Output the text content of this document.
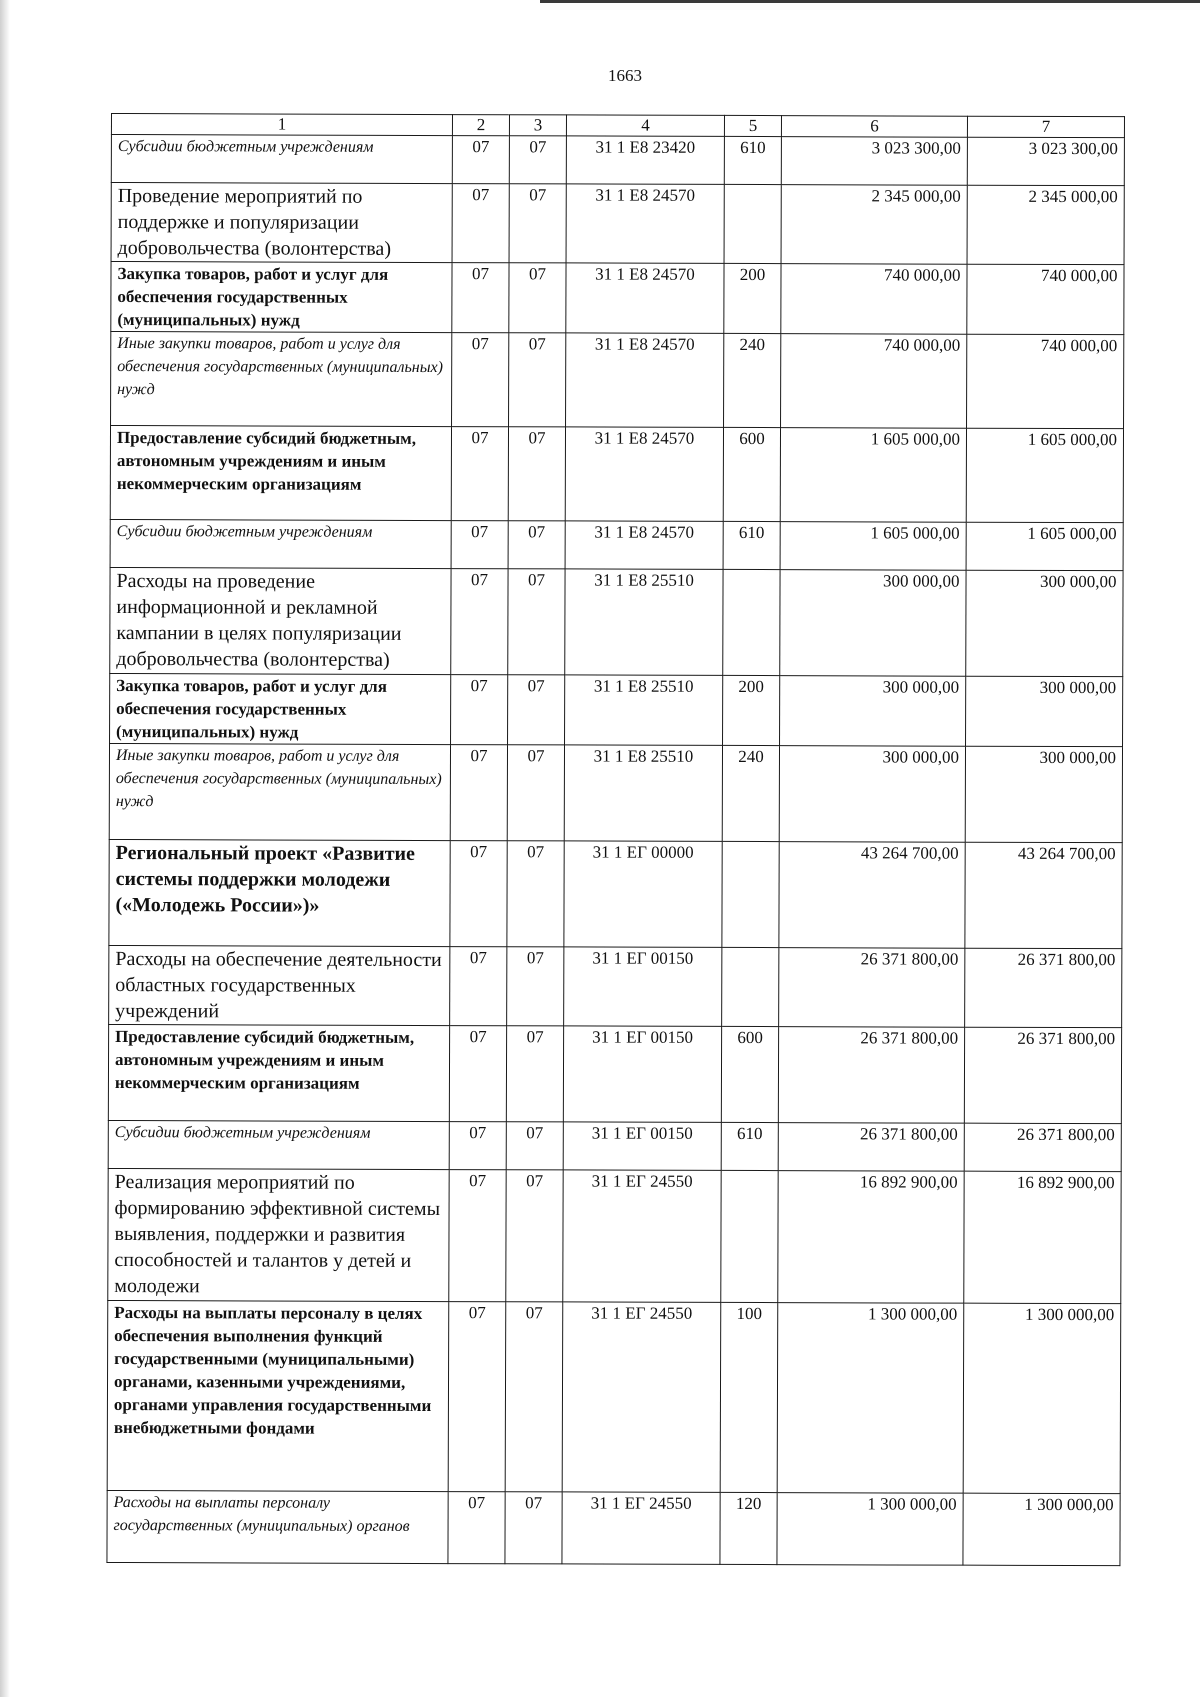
1663
1	2	3	4	5	6	7
Субсидии бюджетным учреждениям	07	07	31 1 Е8 23420	610	3 023 300,00	3 023 300,00
Проведение мероприятий по поддержке и популяризации добровольчества (волонтерства)	07	07	31 1 Е8 24570		2 345 000,00	2 345 000,00
Закупка товаров, работ и услуг для обеспечения государственных (муниципальных) нужд	07	07	31 1 Е8 24570	200	740 000,00	740 000,00
Иные закупки товаров, работ и услуг для обеспечения государственных (муниципальных) нужд	07	07	31 1 Е8 24570	240	740 000,00	740 000,00
Предоставление субсидий бюджетным, автономным учреждениям и иным некоммерческим организациям	07	07	31 1 Е8 24570	600	1 605 000,00	1 605 000,00
Субсидии бюджетным учреждениям	07	07	31 1 Е8 24570	610	1 605 000,00	1 605 000,00
Расходы на проведение информационной и рекламной кампании в целях популяризации добровольчества (волонтерства)	07	07	31 1 Е8 25510		300 000,00	300 000,00
Закупка товаров, работ и услуг для обеспечения государственных (муниципальных) нужд	07	07	31 1 Е8 25510	200	300 000,00	300 000,00
Иные закупки товаров, работ и услуг для обеспечения государственных (муниципальных) нужд	07	07	31 1 Е8 25510	240	300 000,00	300 000,00
Региональный проект «Развитие системы поддержки молодежи («Молодежь России»)»	07	07	31 1 ЕГ 00000		43 264 700,00	43 264 700,00
Расходы на обеспечение деятельности областных государственных учреждений	07	07	31 1 ЕГ 00150		26 371 800,00	26 371 800,00
Предоставление субсидий бюджетным, автономным учреждениям и иным некоммерческим организациям	07	07	31 1 ЕГ 00150	600	26 371 800,00	26 371 800,00
Субсидии бюджетным учреждениям	07	07	31 1 ЕГ 00150	610	26 371 800,00	26 371 800,00
Реализация мероприятий по формированию эффективной системы выявления, поддержки и развития способностей и талантов у детей и молодежи	07	07	31 1 ЕГ 24550		16 892 900,00	16 892 900,00
Расходы на выплаты персоналу в целях обеспечения выполнения функций государственными (муниципальными) органами, казенными учреждениями, органами управления государственными внебюджетными фондами	07	07	31 1 ЕГ 24550	100	1 300 000,00	1 300 000,00
Расходы на выплаты персоналу государственных (муниципальных) органов	07	07	31 1 ЕГ 24550	120	1 300 000,00	1 300 000,00
